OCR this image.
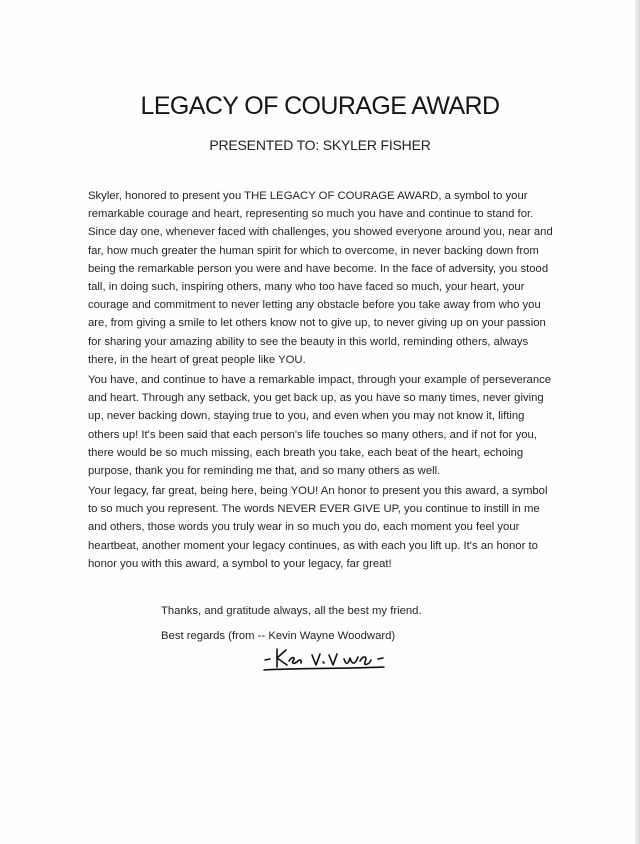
LEGACY OF COURAGE AWARD

PRESENTED TO: SKYLER FISHER

Skyler, honored to present you THE LEGACY OF COURAGE AWARD, a symbol to your remarkable courage and heart, representing so much you have and continue to stand for. Since day one, whenever faced with challenges, you showed everyone around you, near and far, how much greater the human spirit for which to overcome, in never backing down from being the remarkable person you were and have become. In the face of adversity, you stood tall, in doing such, inspiring others, many who too have faced so much, your heart, your courage and commitment to never letting any obstacle before you take away from who you are, from giving a smile to let others know not to give up, to never giving up on your passion for sharing your amazing ability to see the beauty in this world, reminding others, always there, in the heart of great people like YOU.

You have, and continue to have a remarkable impact, through your example of perseverance and heart. Through any setback, you get back up, as you have so many times, never giving up, never backing down, staying true to you, and even when you may not know it, lifting others up! It's been said that each person's life touches so many others, and if not for you, there would be so much missing, each breath you take, each beat of the heart, echoing purpose, thank you for reminding me that, and so many others as well.

Your legacy, far great, being here, being YOU! An honor to present you this award, a symbol to so much you represent. The words NEVER EVER GIVE UP, you continue to instill in me and others, those words you truly wear in so much you do, each moment you feel your heartbeat, another moment your legacy continues, as with each you lift up. It's an honor to honor you with this award, a symbol to your legacy, far great!

Thanks, and gratitude always, all the best my friend.

Best regards (from -- Kevin Wayne Woodward)
